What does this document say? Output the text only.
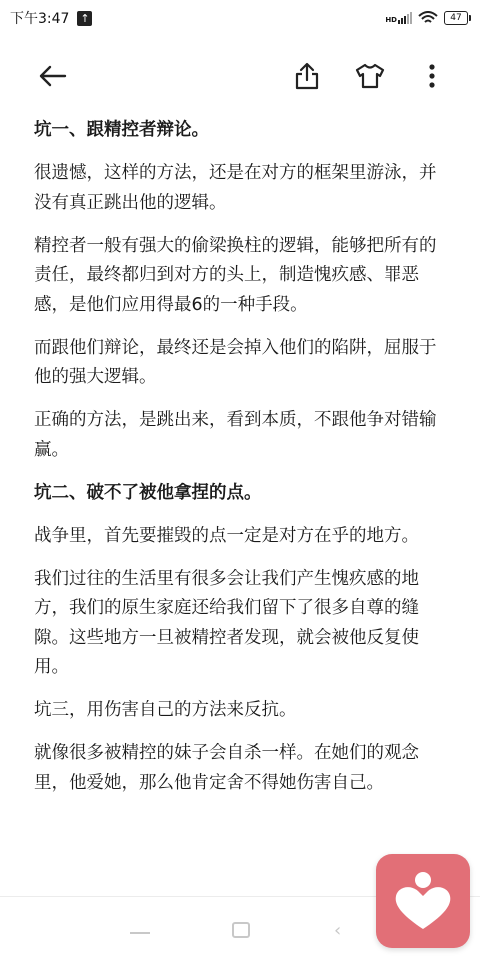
下午3:47 ↑	HD	47

坑一、跟精控者辩论。

很遗憾，这样的方法，还是在对方的框架里游泳，并没有真正跳出他的逻辑。

精控者一般有强大的偷梁换柱的逻辑，能够把所有的责任，最终都归到对方的头上，制造愧疚感、罪恶感，是他们应用得最6的一种手段。

而跟他们辩论，最终还是会掉入他们的陷阱，屈服于他的强大逻辑。

正确的方法，是跳出来，看到本质，不跟他争对错输赢。

坑二、破不了被他拿捏的点。

战争里，首先要摧毁的点一定是对方在乎的地方。

我们过往的生活里有很多会让我们产生愧疚感的地方，我们的原生家庭还给我们留下了很多自尊的缝隙。这些地方一旦被精控者发现，就会被他反复使用。

坑三，用伤害自己的方法来反抗。

就像很多被精控的妹子会自杀一样。在她们的观念里，他爱她，那么他肯定舍不得她伤害自己。

‹
